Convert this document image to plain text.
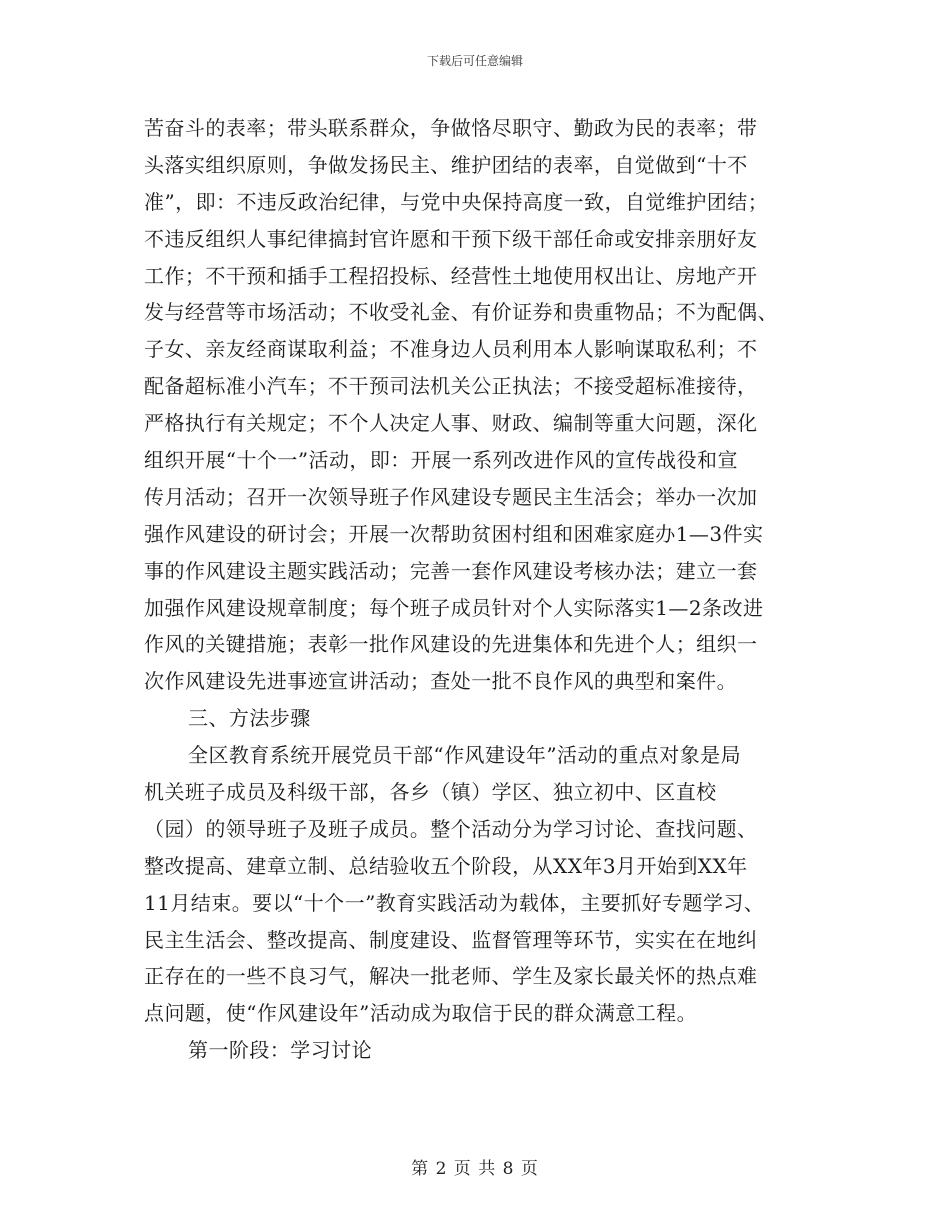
下载后可任意编辑
苦奋斗的表率；带头联系群众，争做恪尽职守、勤政为民的表率；带
头落实组织原则，争做发扬民主、维护团结的表率，自觉做到“十不
准”，即：不违反政治纪律，与党中央保持高度一致，自觉维护团结；
不违反组织人事纪律搞封官许愿和干预下级干部任命或安排亲朋好友
工作；不干预和插手工程招投标、经营性土地使用权出让、房地产开
发与经营等市场活动；不收受礼金、有价证券和贵重物品；不为配偶、
子女、亲友经商谋取利益；不准身边人员利用本人影响谋取私利；不
配备超标准小汽车；不干预司法机关公正执法；不接受超标准接待，
严格执行有关规定；不个人决定人事、财政、编制等重大问题，深化
组织开展“十个一”活动，即：开展一系列改进作风的宣传战役和宣
传月活动；召开一次领导班子作风建设专题民主生活会；举办一次加
强作风建设的研讨会；开展一次帮助贫困村组和困难家庭办1—3件实
事的作风建设主题实践活动；完善一套作风建设考核办法；建立一套
加强作风建设规章制度；每个班子成员针对个人实际落实1—2条改进
作风的关键措施；表彰一批作风建设的先进集体和先进个人；组织一
次作风建设先进事迹宣讲活动；查处一批不良作风的典型和案件。
三、方法步骤
全区教育系统开展党员干部“作风建设年”活动的重点对象是局
机关班子成员及科级干部，各乡（镇）学区、独立初中、区直校
（园）的领导班子及班子成员。整个活动分为学习讨论、查找问题、
整改提高、建章立制、总结验收五个阶段，从XX年3月开始到XX年
11月结束。要以“十个一”教育实践活动为载体，主要抓好专题学习、
民主生活会、整改提高、制度建设、监督管理等环节，实实在在地纠
正存在的一些不良习气，解决一批老师、学生及家长最关怀的热点难
点问题，使“作风建设年”活动成为取信于民的群众满意工程。
第一阶段：学习讨论
第 2 页 共 8 页
